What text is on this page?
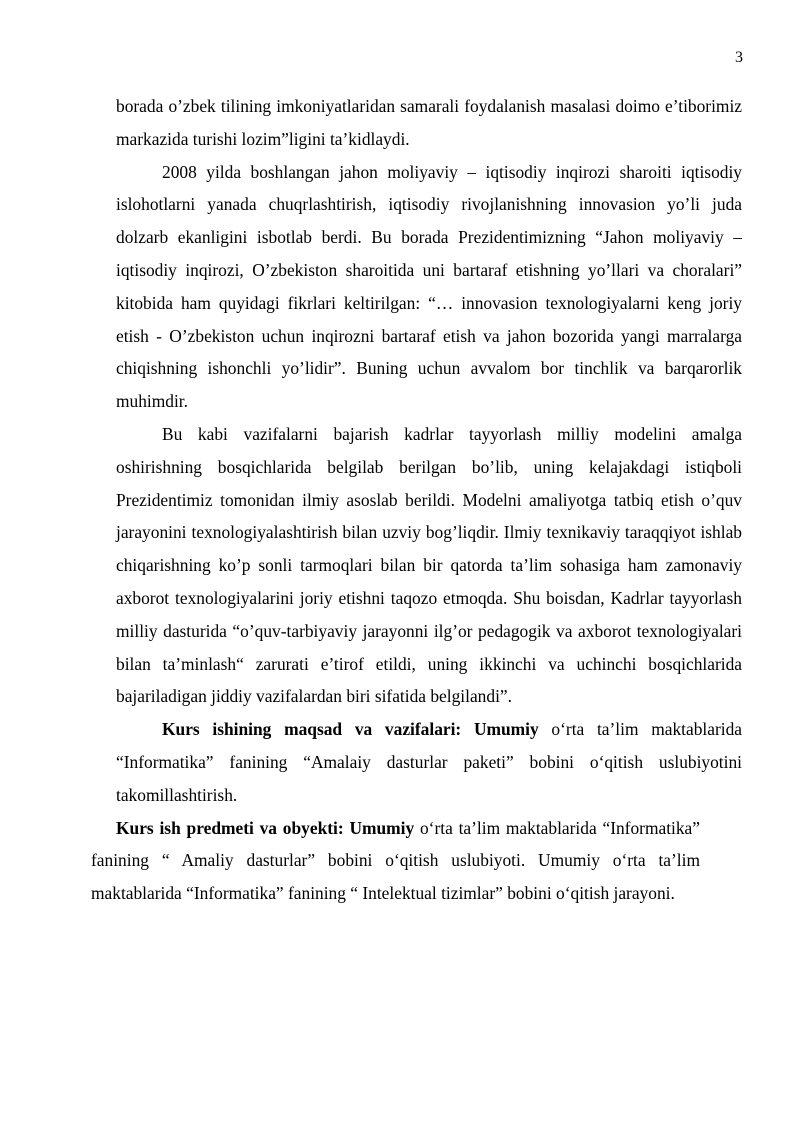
3

borada o’zbek tilining imkoniyatlaridan samarali foydalanish masalasi doimo e’tiborimiz markazida turishi lozim”ligini ta’kidlaydi.

2008 yilda boshlangan jahon moliyaviy – iqtisodiy inqirozi sharoiti iqtisodiy islohotlarni yanada chuqrlashtirish, iqtisodiy rivojlanishning innovasion yo’li juda dolzarb ekanligini isbotlab berdi. Bu borada Prezidentimizning “Jahon moliyaviy – iqtisodiy inqirozi, O’zbekiston sharoitida uni bartaraf etishning yo’llari va choralari” kitobida ham quyidagi fikrlari keltirilgan: “… innovasion texnologiyalarni keng joriy etish - O’zbekiston uchun inqirozni bartaraf etish va jahon bozorida yangi marralarga chiqishning ishonchli yo’lidir”. Buning uchun avvalom bor tinchlik va barqarorlik muhimdir.

Bu kabi vazifalarni bajarish kadrlar tayyorlash milliy modelini amalga oshirishning bosqichlarida belgilab berilgan bo’lib, uning kelajakdagi istiqboli Prezidentimiz tomonidan ilmiy asoslab berildi. Modelni amaliyotga tatbiq etish o’quv jarayonini texnologiyalashtirish bilan uzviy bog’liqdir. Ilmiy texnikaviy taraqqiyot ishlab chiqarishning ko’p sonli tarmoqlari bilan bir qatorda ta’lim sohasiga ham zamonaviy axborot texnologiyalarini joriy etishni taqozo etmoqda. Shu boisdan, Kadrlar tayyorlash milliy dasturida “o’quv-tarbiyaviy jarayonni ilg’or pedagogik va axborot texnologiyalari bilan ta’minlash“ zarurati e’tirof etildi, uning ikkinchi va uchinchi bosqichlarida bajariladigan jiddiy vazifalardan biri sifatida belgilandi”.

Kurs ishining maqsad va vazifalari: Umumiy o‘rta ta’lim maktablarida “Informatika” fanining “Amalaiy dasturlar paketi” bobini o‘qitish uslubiyotini takomillashtirish.

Kurs ish predmeti va obyekti: Umumiy o‘rta ta’lim maktablarida “Informatika” fanining “ Amaliy dasturlar” bobini o‘qitish uslubiyoti. Umumiy o‘rta ta’lim maktablarida “Informatika” fanining “ Intelektual tizimlar” bobini o‘qitish jarayoni.
